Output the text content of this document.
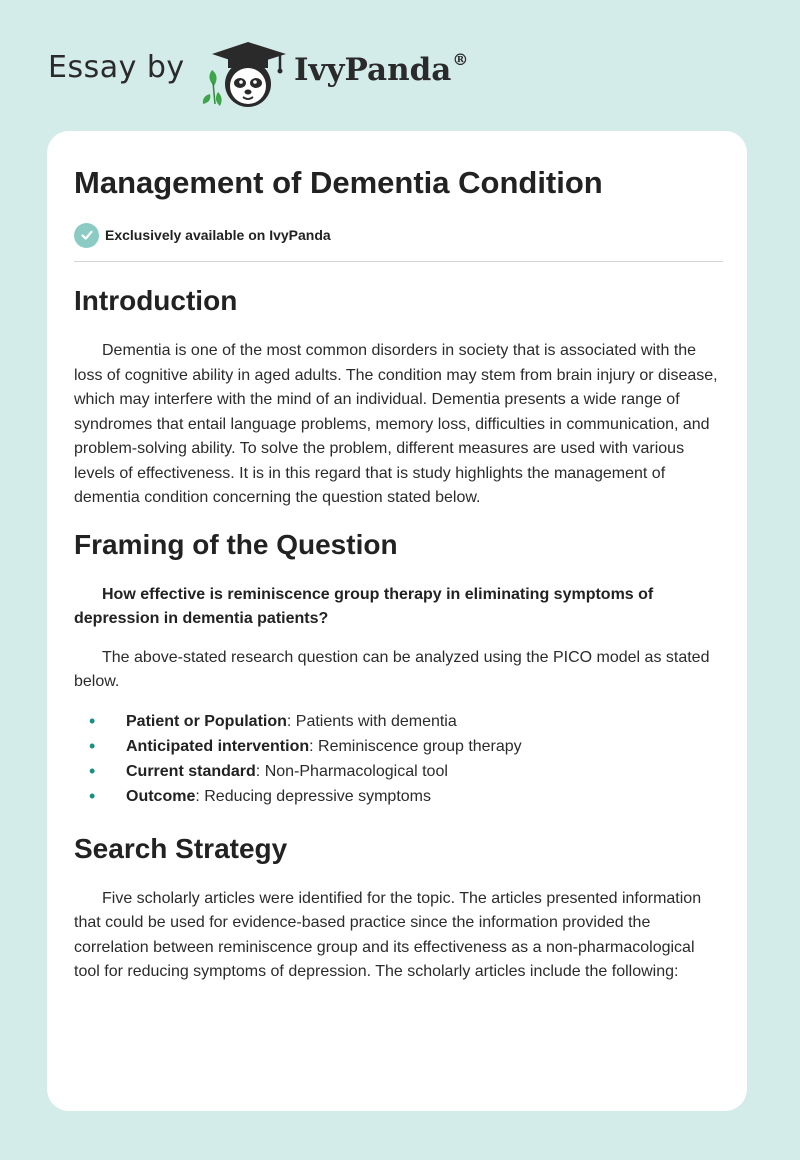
Essay by	IvyPanda®
Management of Dementia Condition
Exclusively available on IvyPanda
Introduction

Dementia is one of the most common disorders in society that is associated with the loss of cognitive ability in aged adults. The condition may stem from brain injury or disease, which may interfere with the mind of an individual. Dementia presents a wide range of syndromes that entail language problems, memory loss, difficulties in communication, and problem-solving ability. To solve the problem, different measures are used with various levels of effectiveness. It is in this regard that is study highlights the management of dementia condition concerning the question stated below.

Framing of the Question

How effective is reminiscence group therapy in eliminating symptoms of depression in dementia patients?

The above-stated research question can be analyzed using the PICO model as stated below.

• Patient or Population: Patients with dementia
• Anticipated intervention: Reminiscence group therapy
• Current standard: Non-Pharmacological tool
• Outcome: Reducing depressive symptoms
Search Strategy

Five scholarly articles were identified for the topic. The articles presented information that could be used for evidence-based practice since the information provided the correlation between reminiscence group and its effectiveness as a non-pharmacological tool for reducing symptoms of depression. The scholarly articles include the following:
